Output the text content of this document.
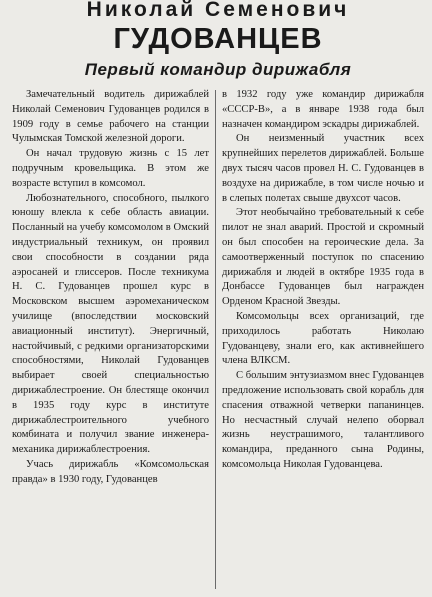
Николай Семенович
ГУДОВАНЦЕВ
Первый командир дирижабля

Замечательный водитель дирижаблей Николай Семенович Гудованцев родился в 1909 году в семье рабочего на станции Чулымская Томской железной дороги.

Он начал трудовую жизнь с 15 лет подручным кровельщика. В этом же возрасте вступил в комсомол.

Любознательного, способного, пылкого юношу влекла к себе область авиации. Посланный на учебу комсомолом в Омский индустриальный техникум, он проявил свои способности в создании ряда аэросаней и глиссеров. После техникума Н. С. Гудованцев прошел курс в Московском высшем аэромеханическом училище (впоследствии московский авиационный институт). Энергичный, настойчивый, с редкими организаторскими способностями, Николай Гудованцев выбирает своей специальностью дирижаблестроение. Он блестяще окончил в 1935 году курс в институте дирижаблестроительного учебного комбината и получил звание инженера-механика дирижаблестроения.

Учась дирижабль «Комсомольская правда» в 1930 году, Гудованцев

в 1932 году уже командир дирижабля «СССР-В», а в январе 1938 года был назначен командиром эскадры дирижаблей.

Он неизменный участник всех крупнейших перелетов дирижаблей. Больше двух тысяч часов провел Н. С. Гудованцев в воздухе на дирижабле, в том числе ночью и в слепых полетах свыше двухсот часов.

Этот необычайно требовательный к себе пилот не знал аварий. Простой и скромный он был способен на героические дела. За самоотверженный поступок по спасению дирижабля и людей в октябре 1935 года в Донбассе Гудованцев был награжден Орденом Красной Звезды.

Комсомольцы всех организаций, где приходилось работать Николаю Гудованцеву, знали его, как активнейшего члена ВЛКСМ.

С большим энтузиазмом внес Гудованцев предложение использовать свой корабль для спасения отважной четверки папанинцев. Но несчастный случай нелепо оборвал жизнь неустрашимого, талантливого командира, преданного сына Родины, комсомольца Николая Гудованцева.
